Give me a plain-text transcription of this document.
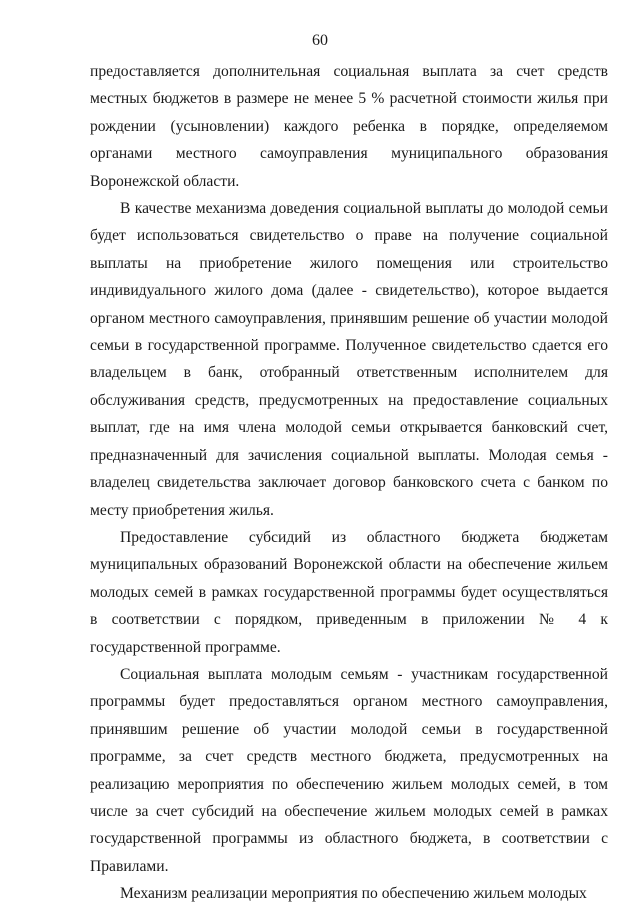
60

предоставляется дополнительная социальная выплата за счет средств местных бюджетов в размере не менее 5 % расчетной стоимости жилья при рождении (усыновлении) каждого ребенка в порядке, определяемом органами местного самоуправления муниципального образования Воронежской области.

В качестве механизма доведения социальной выплаты до молодой семьи будет использоваться свидетельство о праве на получение социальной выплаты на приобретение жилого помещения или строительство индивидуального жилого дома (далее - свидетельство), которое выдается органом местного самоуправления, принявшим решение об участии молодой семьи в государственной программе. Полученное свидетельство сдается его владельцем в банк, отобранный ответственным исполнителем для обслуживания средств, предусмотренных на предоставление социальных выплат, где на имя члена молодой семьи открывается банковский счет, предназначенный для зачисления социальной выплаты. Молодая семья - владелец свидетельства заключает договор банковского счета с банком по месту приобретения жилья.

Предоставление субсидий из областного бюджета бюджетам муниципальных образований Воронежской области на обеспечение жильем молодых семей в рамках государственной программы будет осуществляться в соответствии с порядком, приведенным в приложении № 4 к государственной программе.

Социальная выплата молодым семьям - участникам государственной программы будет предоставляться органом местного самоуправления, принявшим решение об участии молодой семьи в государственной программе, за счет средств местного бюджета, предусмотренных на реализацию мероприятия по обеспечению жильем молодых семей, в том числе за счет субсидий на обеспечение жильем молодых семей в рамках государственной программы из областного бюджета, в соответствии с Правилами.

Механизм реализации мероприятия по обеспечению жильем молодых
